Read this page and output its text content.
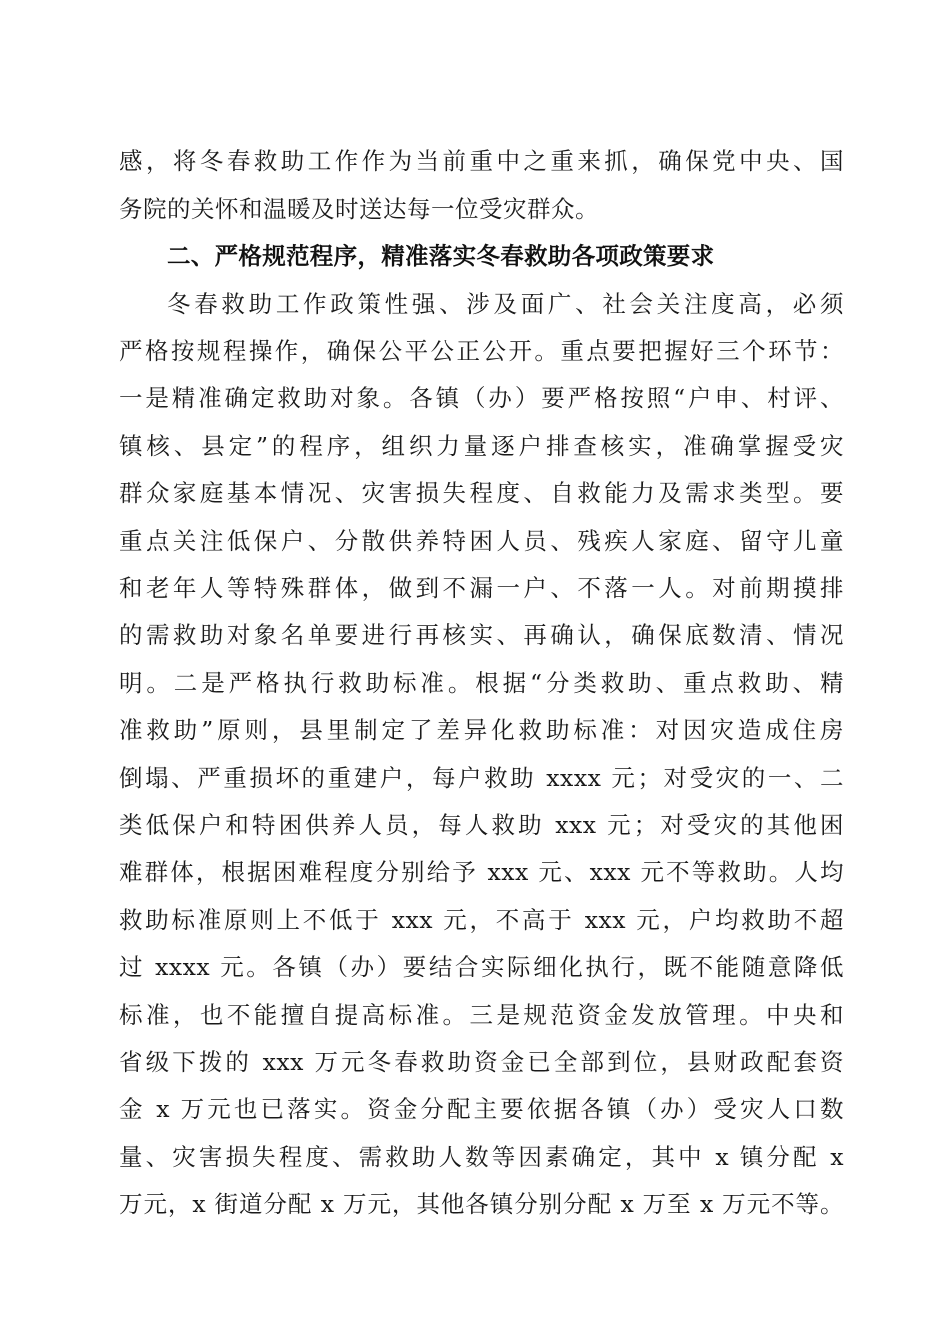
感，将冬春救助工作作为当前重中之重来抓，确保党中央、国
务院的关怀和温暖及时送达每一位受灾群众。
二、严格规范程序，精准落实冬春救助各项政策要求
冬春救助工作政策性强、涉及面广、社会关注度高，必须
严格按规程操作，确保公平公正公开。重点要把握好三个环节：
一是精准确定救助对象。各镇（办）要严格按照“户申、村评、
镇核、县定”的程序，组织力量逐户排查核实，准确掌握受灾
群众家庭基本情况、灾害损失程度、自救能力及需求类型。要
重点关注低保户、分散供养特困人员、残疾人家庭、留守儿童
和老年人等特殊群体，做到不漏一户、不落一人。对前期摸排
的需救助对象名单要进行再核实、再确认，确保底数清、情况
明。二是严格执行救助标准。根据“分类救助、重点救助、精
准救助”原则，县里制定了差异化救助标准：对因灾造成住房
倒塌、严重损坏的重建户，每户救助 xxxx 元；对受灾的一、二
类低保户和特困供养人员，每人救助 xxx 元；对受灾的其他困
难群体，根据困难程度分别给予 xxx 元、xxx 元不等救助。人均
救助标准原则上不低于 xxx 元，不高于 xxx 元，户均救助不超
过 xxxx 元。各镇（办）要结合实际细化执行，既不能随意降低
标准，也不能擅自提高标准。三是规范资金发放管理。中央和
省级下拨的 xxx 万元冬春救助资金已全部到位，县财政配套资
金 x 万元也已落实。资金分配主要依据各镇（办）受灾人口数
量、灾害损失程度、需救助人数等因素确定，其中 x 镇分配 x
万元，x 街道分配 x 万元，其他各镇分别分配 x 万至 x 万元不等。
